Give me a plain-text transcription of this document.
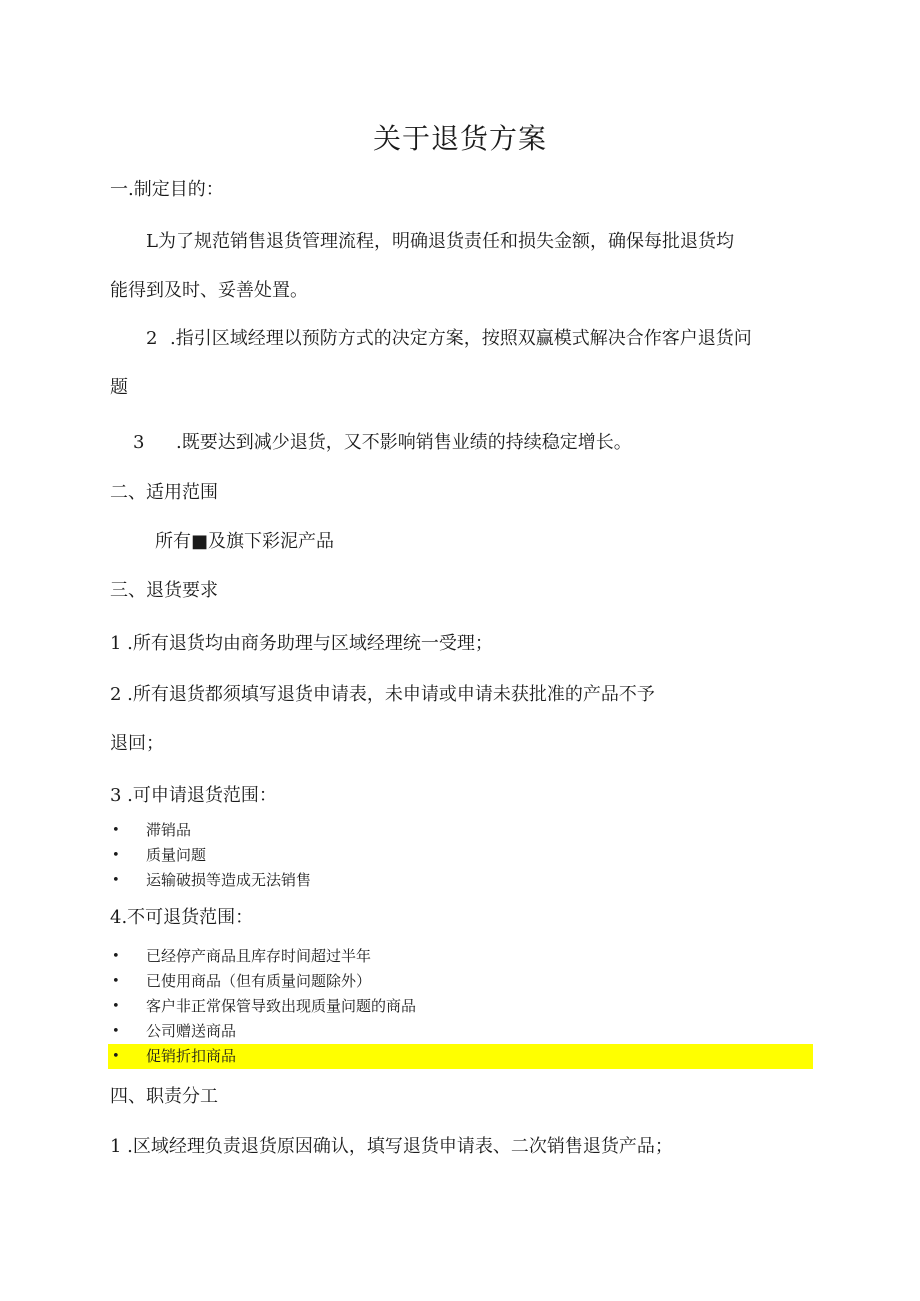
关于退货方案
一.制定目的：
L为了规范销售退货管理流程，明确退货责任和损失金额，确保每批退货均
能得到及时、妥善处置。
2 .指引区域经理以预防方式的决定方案，按照双赢模式解决合作客户退货问
题
3 .既要达到减少退货，又不影响销售业绩的持续稳定增长。
二、适用范围
所有■及旗下彩泥产品
三、退货要求
1 .所有退货均由商务助理与区域经理统一受理；
2 .所有退货都须填写退货申请表，未申请或申请未获批准的产品不予
退回；
3 .可申请退货范围：
• 滞销品
• 质量问题
• 运输破损等造成无法销售
4.不可退货范围：
• 已经停产商品且库存时间超过半年
• 已使用商品（但有质量问题除外）
• 客户非正常保管导致出现质量问题的商品
• 公司赠送商品
• 促销折扣商品
四、职责分工
1 .区域经理负责退货原因确认，填写退货申请表、二次销售退货产品；
